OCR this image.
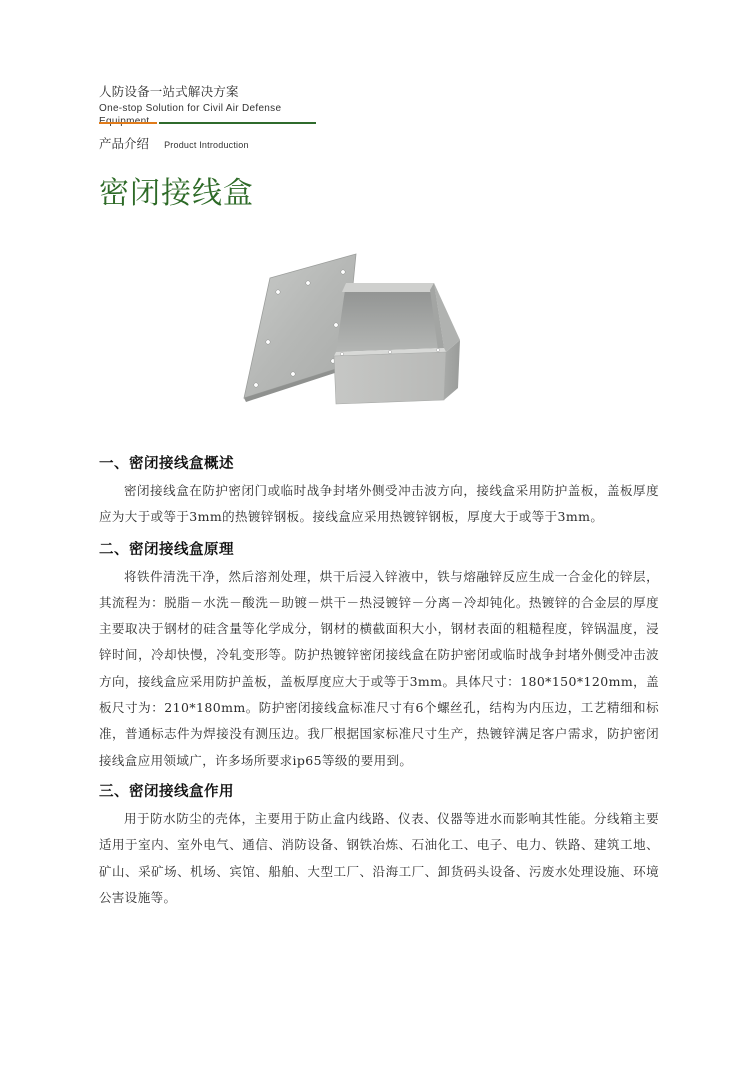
人防设备一站式解决方案
One-stop Solution for Civil Air Defense
产品介绍 Product Introduction
密闭接线盒
一、密闭接线盒概述

密闭接线盒在防护密闭门或临时战争封堵外侧受冲击波方向，接线盒采用防护盖板，盖板厚度应为大于或等于3mm的热镀锌钢板。接线盒应采用热镀锌钢板，厚度大于或等于3mm。

二、密闭接线盒原理

将铁件清洗干净，然后溶剂处理，烘干后浸入锌液中，铁与熔融锌反应生成一合金化的锌层，其流程为：脱脂－水洗－酸洗－助镀－烘干－热浸镀锌－分离－冷却钝化。热镀锌的合金层的厚度主要取决于钢材的硅含量等化学成分，钢材的横截面积大小，钢材表面的粗糙程度，锌锅温度，浸锌时间，冷却快慢，冷轧变形等。防护热镀锌密闭接线盒在防护密闭或临时战争封堵外侧受冲击波方向，接线盒应采用防护盖板，盖板厚度应大于或等于3mm。具体尺寸：180*150*120mm，盖板尺寸为：210*180mm。防护密闭接线盒标准尺寸有6个螺丝孔，结构为内压边，工艺精细和标准，普通标志件为焊接没有测压边。我厂根据国家标准尺寸生产，热镀锌满足客户需求，防护密闭接线盒应用领域广，许多场所要求ip65等级的要用到。

三、密闭接线盒作用

用于防水防尘的壳体，主要用于防止盒内线路、仪表、仪器等进水而影响其性能。分线箱主要适用于室内、室外电气、通信、消防设备、钢铁冶炼、石油化工、电子、电力、铁路、建筑工地、矿山、采矿场、机场、宾馆、船舶、大型工厂、沿海工厂、卸货码头设备、污废水处理设施、环境公害设施等。
